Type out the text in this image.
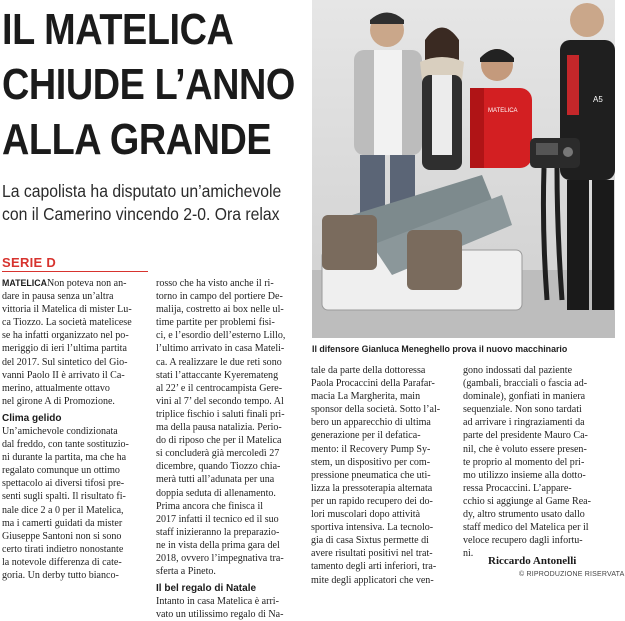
IL MATELICA
CHIUDE L’ANNO
ALLA GRANDE
La capolista ha disputato un’amichevole
con il Camerino vincendo 2-0. Ora relax
SERIE D
MATELICA
A5
Il difensore Gianluca Meneghello prova il nuovo macchinario
MATELICANon poteva non an-
dare in pausa senza un’altra
vittoria il Matelica di mister Lu-
ca Tiozzo. La società matelicese
se ha infatti organizzato nel po-
meriggio di ieri l’ultima partita
del 2017. Sul sintetico del Gio-
vanni Paolo II è arrivato il Ca-
merino, attualmente ottavo
nel girone A di Promozione.
Clima gelido
Un’amichevole condizionata
dal freddo, con tante sostituzio-
ni durante la partita, ma che ha
regalato comunque un ottimo
spettacolo ai diversi tifosi pre-
senti sugli spalti. Il risultato fi-
nale dice 2 a 0 per il Matelica,
ma i camerti guidati da mister
Giuseppe Santoni non si sono
certo tirati indietro nonostante
la notevole differenza di cate-
goria. Un derby tutto bianco-
rosso che ha visto anche il ri-
torno in campo del portiere De-
malija, costretto ai box nelle ul-
time partite per problemi fisi-
ci, e l’esordio dell’esterno Lillo,
l’ultimo arrivato in casa Mateli-
ca. A realizzare le due reti sono
stati l’attaccante Kyeremateng
al 22’ e il centrocampista Gere-
vini al 7’ del secondo tempo. Al
triplice fischio i saluti finali pri-
ma della pausa natalizia. Perio-
do di riposo che per il Matelica
si concluderà già mercoledì 27
dicembre, quando Tiozzo chia-
merà tutti all’adunata per una
doppia seduta di allenamento.
Prima ancora che finisca il
2017 infatti il tecnico ed il suo
staff inizieranno la preparazio-
ne in vista della prima gara del
2018, ovvero l’impegnativa tra-
sferta a Pineto.
Il bel regalo di Natale
Intanto in casa Matelica è arri-
vato un utilissimo regalo di Na-
tale da parte della dottoressa
Paola Procaccini della Parafar-
macia La Margherita, main
sponsor della società. Sotto l’al-
bero un apparecchio di ultima
generazione per il defatica-
mento: il Recovery Pump Sy-
stem, un dispositivo per com-
pressione pneumatica che uti-
lizza la pressoterapia alternata
per un rapido recupero dei do-
lori muscolari dopo attività
sportiva intensiva. La tecnolo-
gia di casa Sixtus permette di
avere risultati positivi nel trat-
tamento degli arti inferiori, tra-
mite degli applicatori che ven-
gono indossati dal paziente
(gambali, bracciali o fascia ad-
dominale), gonfiati in maniera
sequenziale. Non sono tardati
ad arrivare i ringraziamenti da
parte del presidente Mauro Ca-
nil, che è voluto essere presen-
te proprio al momento del pri-
mo utilizzo insieme alla dotto-
ressa Procaccini. L’appare-
cchio si aggiunge al Game Rea-
dy, altro strumento usato dallo
staff medico del Matelica per il
veloce recupero dagli infortu-
ni.
Riccardo Antonelli
© RIPRODUZIONE RISERVATA
